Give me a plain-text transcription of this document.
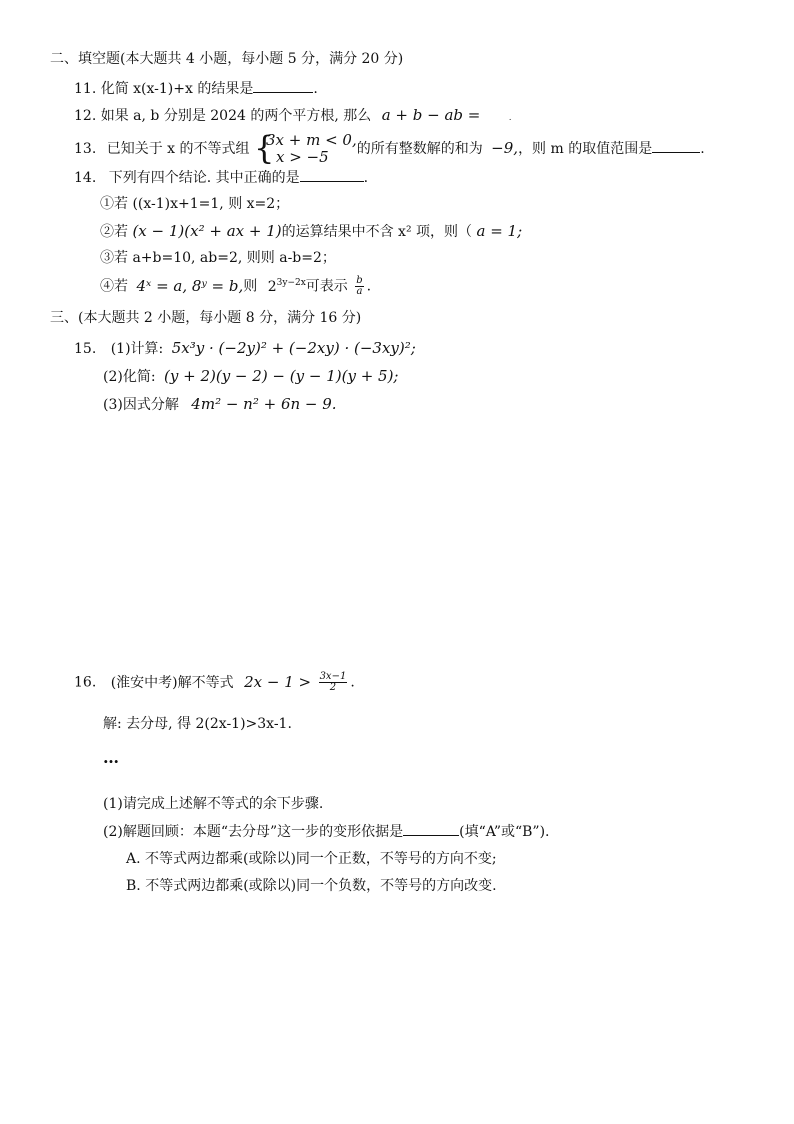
二、填空题(本大题共 4 小题，每小题 5 分，满分 20 分)
11. 化简 x(x-1)+x 的结果是	.
12. 如果 a, b 分别是 2024 的两个平方根, 那么 a + b − ab =	.
13. 已知关于 x 的不等式组 {
3x + m < 0,
x > −5	的所有整数解的和为 −9,，则 m 的取值范围是	.
14. 下列有四个结论. 其中正确的是	.
①若 ((x-1)x+1=1, 则 x=2；
②若 (x − 1)(x² + ax + 1)的运算结果中不含 x² 项，则（ a = 1;
③若 a+b=10, ab=2, 则则 a-b=2；
④若 4ˣ = a, 8ʸ = b,则 $2^{3y-2x}$可表示 $\frac{b}{a}$ .
三、(本大题共 2 小题，每小题 8 分，满分 16 分)
15. (1)计算: 5x³y · (−2y)² + (−2xy) · (−3xy)²;
(2)化简: (y + 2)(y − 2) − (y − 1)(y + 5);
(3)因式分解 4m² − n² + 6n − 9.
16. (淮安中考)解不等式 $2x - 1 > \frac{3x-1}{2}$ .
解: 去分母, 得 2(2x-1)>3x-1.
…
(1)请完成上述解不等式的余下步骤.
(2)解题回顾：本题“去分母”这一步的变形依据是	(填“A”或“B”).
A. 不等式两边都乘(或除以)同一个正数，不等号的方向不变;
B. 不等式两边都乘(或除以)同一个负数，不等号的方向改变.
